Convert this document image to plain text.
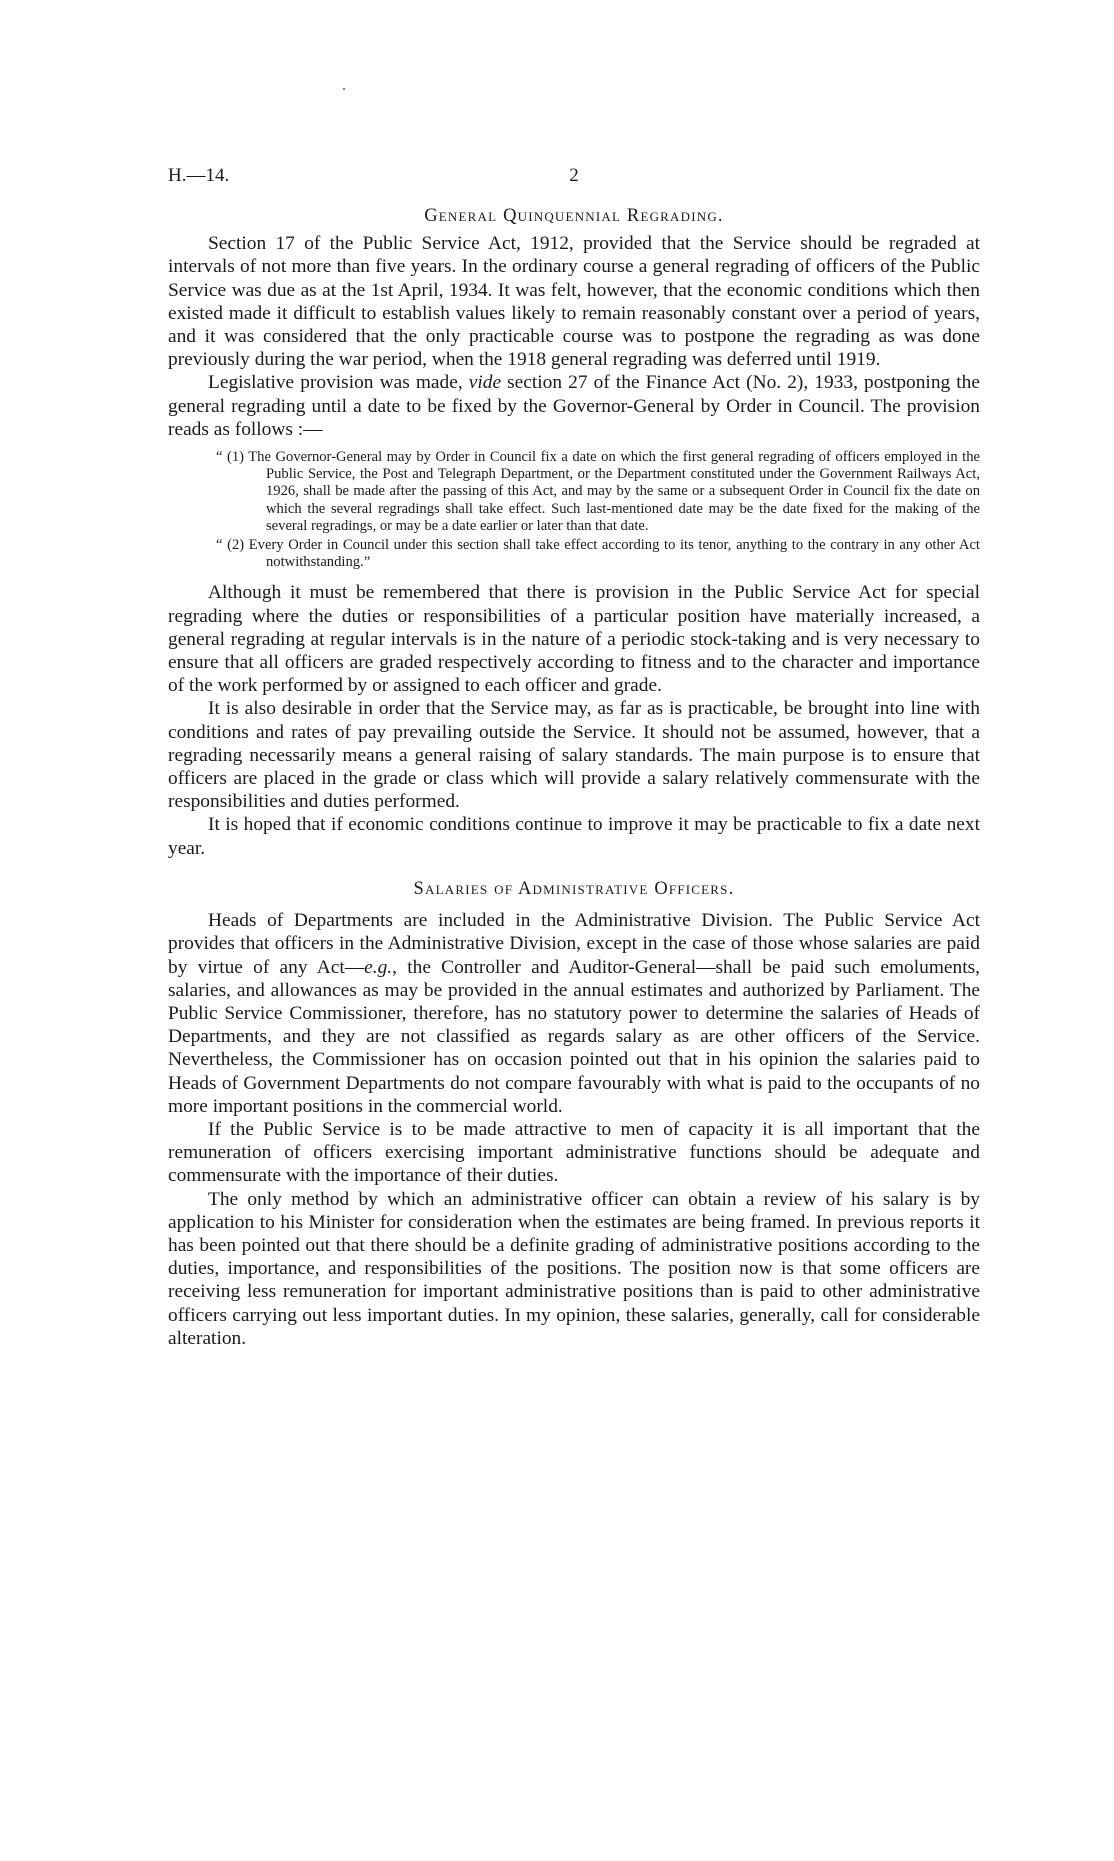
H.—14.	2
General Quinquennial Regrading.

Section 17 of the Public Service Act, 1912, provided that the Service should be regraded at intervals of not more than five years. In the ordinary course a general regrading of officers of the Public Service was due as at the 1st April, 1934. It was felt, however, that the economic conditions which then existed made it difficult to establish values likely to remain reasonably constant over a period of years, and it was considered that the only practicable course was to postpone the regrading as was done previously during the war period, when the 1918 general regrading was deferred until 1919.

Legislative provision was made, vide section 27 of the Finance Act (No. 2), 1933, postponing the general regrading until a date to be fixed by the Governor-General by Order in Council. The provision reads as follows :—

“ (1) The Governor-General may by Order in Council fix a date on which the first general regrading of officers employed in the Public Service, the Post and Telegraph Department, or the Department constituted under the Government Railways Act, 1926, shall be made after the passing of this Act, and may by the same or a subsequent Order in Council fix the date on which the several regradings shall take effect. Such last-mentioned date may be the date fixed for the making of the several regradings, or may be a date earlier or later than that date.

“ (2) Every Order in Council under this section shall take effect according to its tenor, anything to the contrary in any other Act notwithstanding.”

Although it must be remembered that there is provision in the Public Service Act for special regrading where the duties or responsibilities of a particular position have materially increased, a general regrading at regular intervals is in the nature of a periodic stock-taking and is very necessary to ensure that all officers are graded respectively according to fitness and to the character and importance of the work performed by or assigned to each officer and grade.

It is also desirable in order that the Service may, as far as is practicable, be brought into line with conditions and rates of pay prevailing outside the Service. It should not be assumed, however, that a regrading necessarily means a general raising of salary standards. The main purpose is to ensure that officers are placed in the grade or class which will provide a salary relatively commensurate with the responsibilities and duties performed.

It is hoped that if economic conditions continue to improve it may be practicable to fix a date next year.

Salaries of Administrative Officers.

Heads of Departments are included in the Administrative Division. The Public Service Act provides that officers in the Administrative Division, except in the case of those whose salaries are paid by virtue of any Act—e.g., the Controller and Auditor-General—shall be paid such emoluments, salaries, and allowances as may be provided in the annual estimates and authorized by Parliament. The Public Service Commissioner, therefore, has no statutory power to determine the salaries of Heads of Departments, and they are not classified as regards salary as are other officers of the Service. Nevertheless, the Commissioner has on occasion pointed out that in his opinion the salaries paid to Heads of Government Departments do not compare favourably with what is paid to the occupants of no more important positions in the commercial world.

If the Public Service is to be made attractive to men of capacity it is all important that the remuneration of officers exercising important administrative functions should be adequate and commensurate with the importance of their duties.

The only method by which an administrative officer can obtain a review of his salary is by application to his Minister for consideration when the estimates are being framed. In previous reports it has been pointed out that there should be a definite grading of administrative positions according to the duties, importance, and responsibilities of the positions. The position now is that some officers are receiving less remuneration for important administrative positions than is paid to other administrative officers carrying out less important duties. In my opinion, these salaries, generally, call for considerable alteration.
